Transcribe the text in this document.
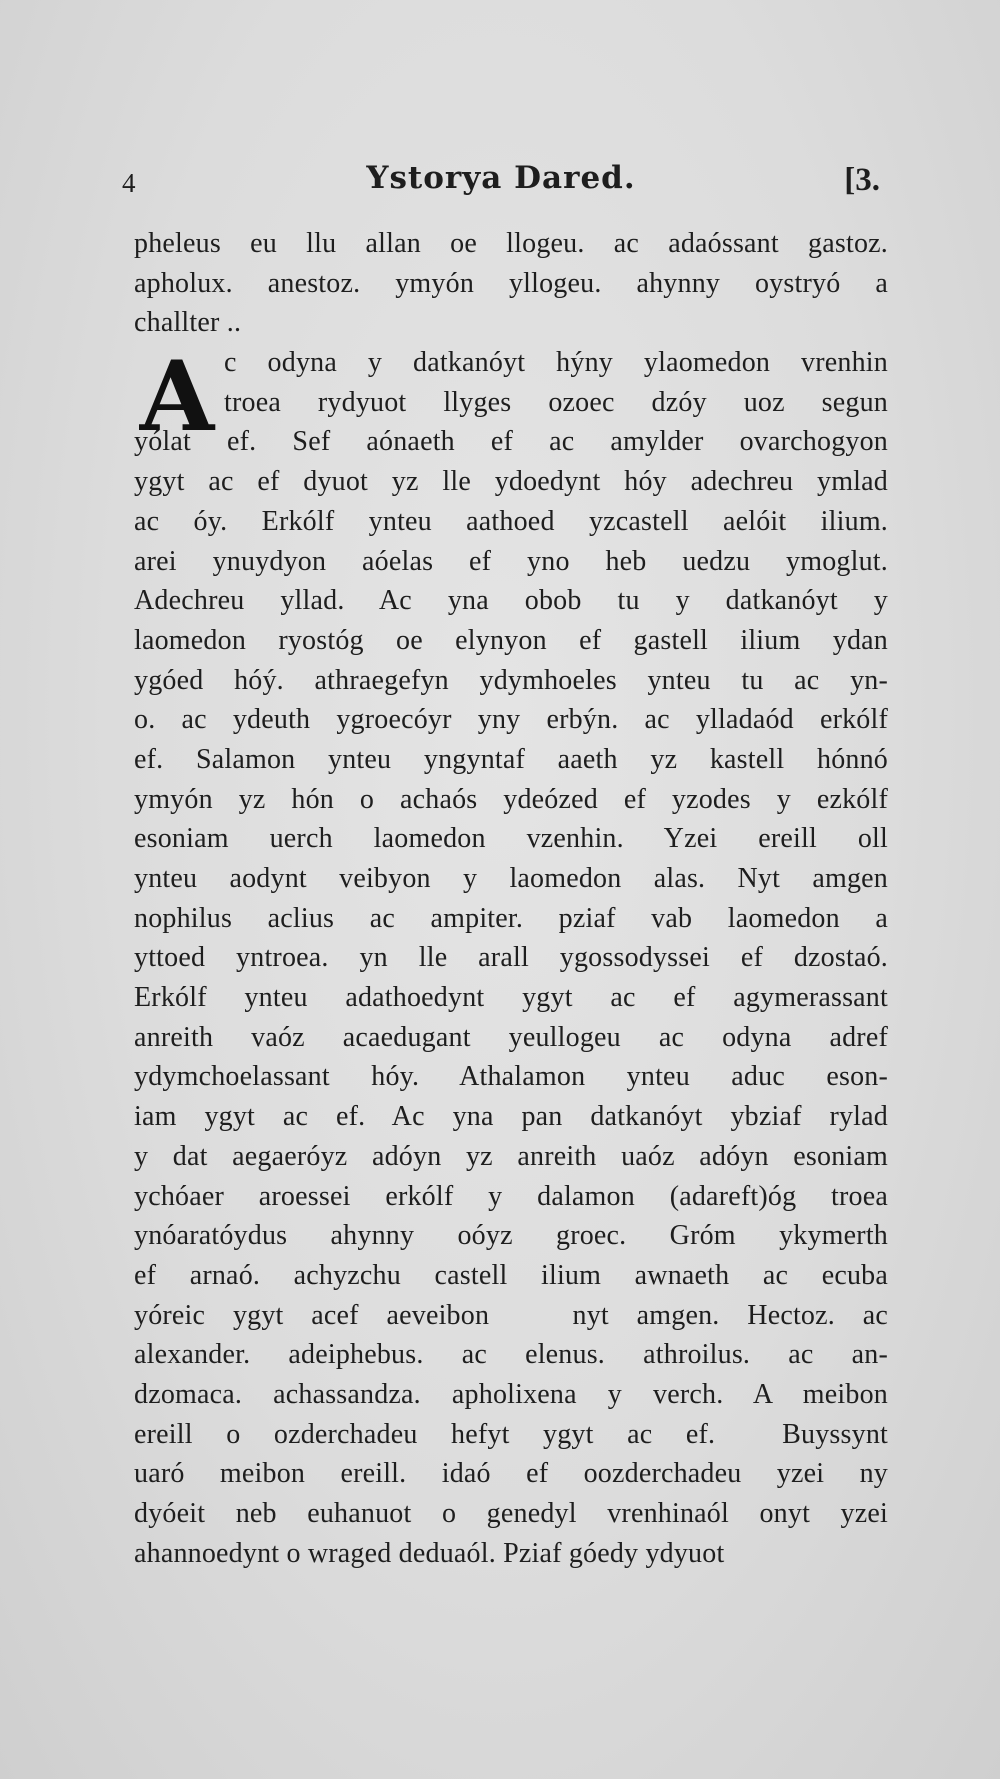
4	Ystorya Dared.	[3.
A
pheleus eu llu allan oe llogeu. ac adaóssant gastoz.
apholux. anestoz. ymyón yllogeu. ahynny oystryó a
challter ..
c odyna y datkanóyt hýny ylaomedon vrenhin
troea rydyuot llyges ozoec dzóy uoz segun
yólat ef. Sef aónaeth ef ac amylder ovarchogyon
ygyt ac ef dyuot yz lle ydoedynt hóy adechreu ymlad
ac óy. Erkólf ynteu aathoed yzcastell aelóit ilium.
arei ynuydyon aóelas ef yno heb uedzu ymoglut.
Adechreu yllad. Ac yna obob tu y datkanóyt y
laomedon ryostóg oe elynyon ef gastell ilium ydan
ygóed hóý. athraegefyn ydymhoeles ynteu tu ac yn-
o. ac ydeuth ygroecóyr yny erbýn. ac ylladaód erkólf
ef. Salamon ynteu yngyntaf aaeth yz kastell hónnó
ymyón yz hón o achaós ydeózed ef yzodes y ezkólf
esoniam uerch laomedon vzenhin. Yzei ereill oll
ynteu aodynt veibyon y laomedon alas. Nyt amgen
nophilus aclius ac ampiter. pziaf vab laomedon a
yttoed yntroea. yn lle arall ygossodyssei ef dzostaó.
Erkólf ynteu adathoedynt ygyt ac ef agymerassant
anreith vaóz acaedugant yeullogeu ac odyna adref
ydymchoelassant hóy. Athalamon ynteu aduc eson-
iam ygyt ac ef. Ac yna pan datkanóyt ybziaf rylad
y dat aegaeróyz adóyn yz anreith uaóz adóyn esoniam
ychóaer aroessei erkólf y dalamon (adareft)óg troea
ynóaratóydus ahynny oóyz groec. Gróm ykymerth
ef arnaó. achyzchu castell ilium awnaeth ac ecuba
yóreic ygyt acef aeveibon   nyt amgen. Hectoz. ac
alexander. adeiphebus. ac elenus. athroilus. ac an-
dzomaca. achassandza. apholixena y verch. A meibon
ereill o ozderchadeu hefyt ygyt ac ef.  Buyssynt
uaró meibon ereill. idaó ef oozderchadeu yzei ny
dyóeit neb euhanuot o genedyl vrenhinaól onyt yzei
ahannoedynt o wraged deduaól. Pziaf góedy ydyuot
